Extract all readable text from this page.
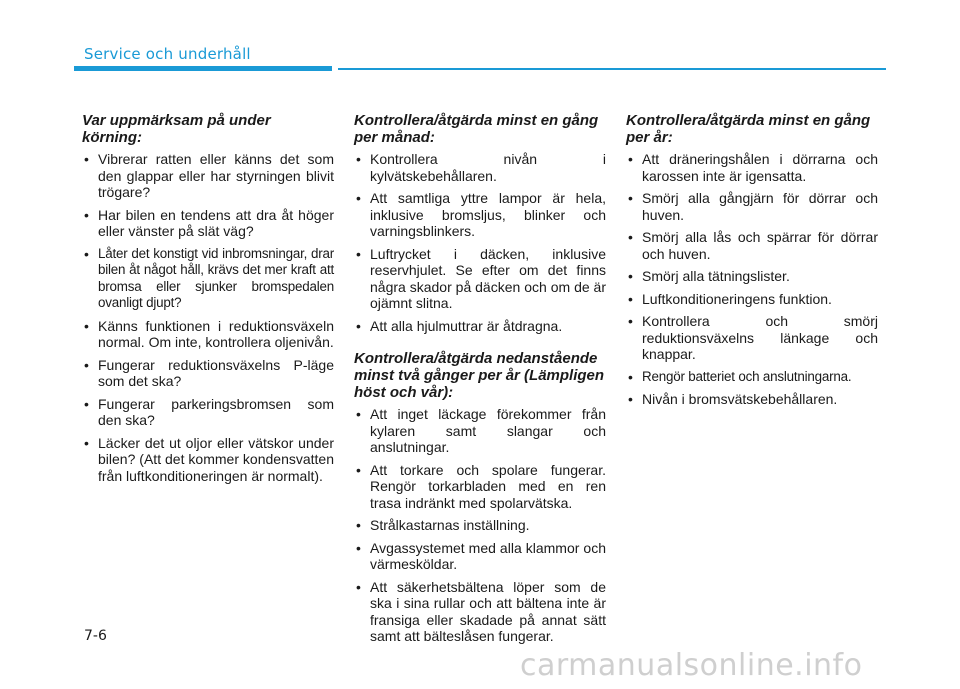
Service och underhåll
Var uppmärksam på under körning:
• Vibrerar ratten eller känns det som den glappar eller har styrningen blivit trögare?
• Har bilen en tendens att dra åt höger eller vänster på slät väg?
• Låter det konstigt vid inbromsningar, drar bilen åt något håll, krävs det mer kraft att bromsa eller sjunker bromspedalen ovanligt djupt?
• Känns funktionen i reduktionsväxeln normal. Om inte, kontrollera oljenivån.
• Fungerar reduktionsväxelns P-läge som det ska?
• Fungerar parkeringsbromsen som den ska?
• Läcker det ut oljor eller vätskor under bilen? (Att det kommer kondensvatten från luftkonditioneringen är normalt).
Kontrollera/åtgärda minst en gång per månad:
• Kontrollera nivån i kylvätskebehållaren.
• Att samtliga yttre lampor är hela, inklusive bromsljus, blinker och varningsblinkers.
• Luftrycket i däcken, inklusive reservhjulet. Se efter om det finns några skador på däcken och om de är ojämnt slitna.
• Att alla hjulmuttrar är åtdragna.
Kontrollera/åtgärda nedanstående minst två gånger per år (Lämpligen höst och vår):
• Att inget läckage förekommer från kylaren samt slangar och anslutningar.
• Att torkare och spolare fungerar. Rengör torkarbladen med en ren trasa indränkt med spolarvätska.
• Strålkastarnas inställning.
• Avgassystemet med alla klammor och värmesköldar.
• Att säkerhetsbältena löper som de ska i sina rullar och att bältena inte är fransiga eller skadade på annat sätt samt att bälteslåsen fungerar.
Kontrollera/åtgärda minst en gång per år:
• Att dräneringshålen i dörrarna och karossen inte är igensatta.
• Smörj alla gångjärn för dörrar och huven.
• Smörj alla lås och spärrar för dörrar och huven.
• Smörj alla tätningslister.
• Luftkonditioneringens funktion.
• Kontrollera och smörj reduktionsväxelns länkage och knappar.
• Rengör batteriet och anslutningarna.
• Nivån i bromsvätskebehållaren.
7-6
carmanualsonline.info
